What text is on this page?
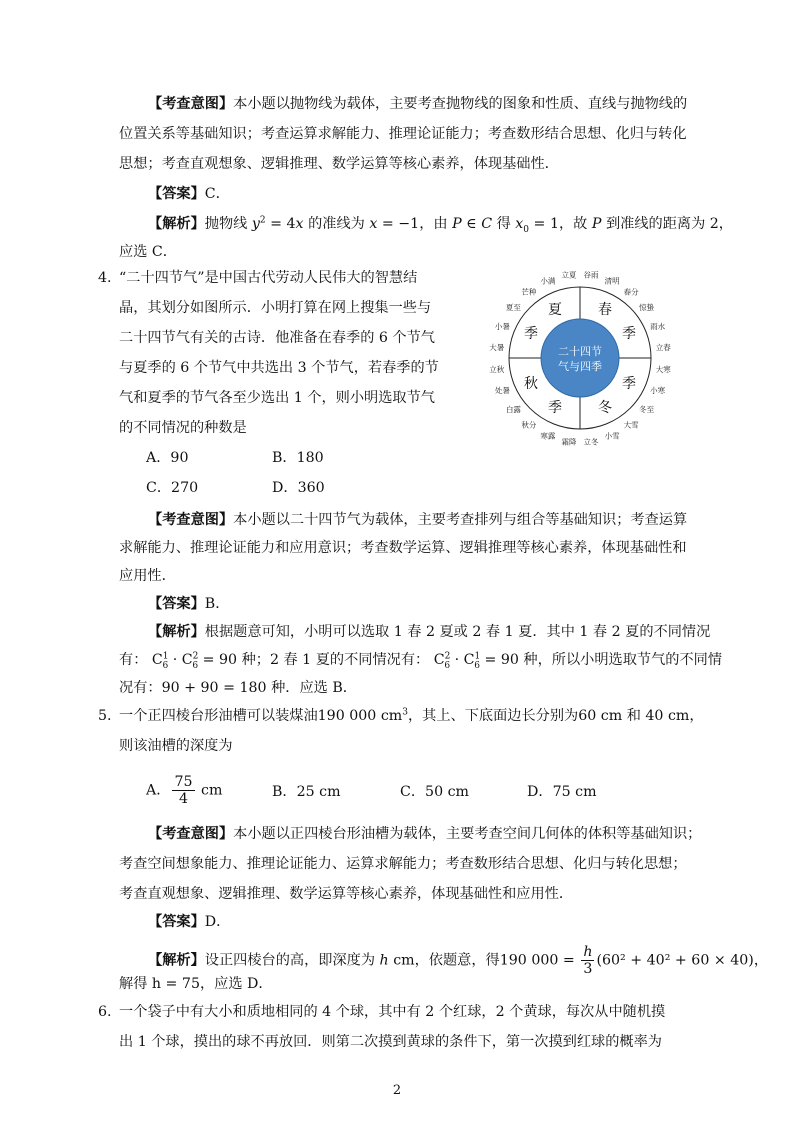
【考查意图】本小题以抛物线为载体，主要考查抛物线的图象和性质、直线与抛物线的
位置关系等基础知识；考查运算求解能力、推理论证能力；考查数形结合思想、化归与转化
思想；考查直观想象、逻辑推理、数学运算等核心素养，体现基础性．
【答案】C．
【解析】抛物线 $y^2 = 4x$ 的准线为 x = −1，由 P ∈ C 得 $x_0 = 1$，故 P 到准线的距离为 2，
应选 C．
4. “二十四节气”是中国古代劳动人民伟大的智慧结
晶，其划分如图所示．小明打算在网上搜集一些与
二十四节气有关的古诗．他准备在春季的 6 个节气
与夏季的 6 个节气中共选出 3 个节气，若春季的节
气和夏季的节气各至少选出 1 个，则小明选取节气
的不同情况的种数是
A．90	B．180
C．270	D．360
二十四节
气与四季
春
季
夏
季
秋
季	冬
季
立春
雨水
惊蛰
春分
清明
谷雨
立夏
小满
芒种
夏至
小暑
大暑
立秋
处暑
白露
秋分
寒露
霜降 立冬
小雪
大雪
冬至
小寒
大寒
【考查意图】本小题以二十四节气为载体，主要考查排列与组合等基础知识；考查运算
求解能力、推理论证能力和应用意识；考查数学运算、逻辑推理等核心素养，体现基础性和
应用性．
【答案】B．
【解析】根据题意可知，小明可以选取 1 春 2 夏或 2 春 1 夏．其中 1 春 2 夏的不同情况
有： $C^1_6 \cdot C^2_6 = 90$ 种；2 春 1 夏的不同情况有： $C^2_6 \cdot C^1_6 = 90$ 种，所以小明选取节气的不同情
况有：90 + 90 = 180 种．应选 B．
5. 一个正四棱台形油槽可以装煤油190 000 $cm^3$，其上、下底面边长分别为60 cm 和 40 cm，
则该油槽的深度为
A． $\frac{75}{4}$ cm	B．25 cm	C．50 cm	D．75 cm
【考查意图】本小题以正四棱台形油槽为载体，主要考查空间几何体的体积等基础知识；
考查空间想象能力、推理论证能力、运算求解能力；考查数形结合思想、化归与转化思想；
考查直观想象、逻辑推理、数学运算等核心素养，体现基础性和应用性．
【答案】D．
【解析】设正四棱台的高，即深度为 h cm，依题意，得190 $000 = \frac{h}{3} (60^2 + 40^2 + 60 \times 40)$，
解得 h = 75，应选 D．
6. 一个袋子中有大小和质地相同的 4 个球，其中有 2 个红球，2 个黄球，每次从中随机摸
出 1 个球，摸出的球不再放回．则第二次摸到黄球的条件下，第一次摸到红球的概率为
2
